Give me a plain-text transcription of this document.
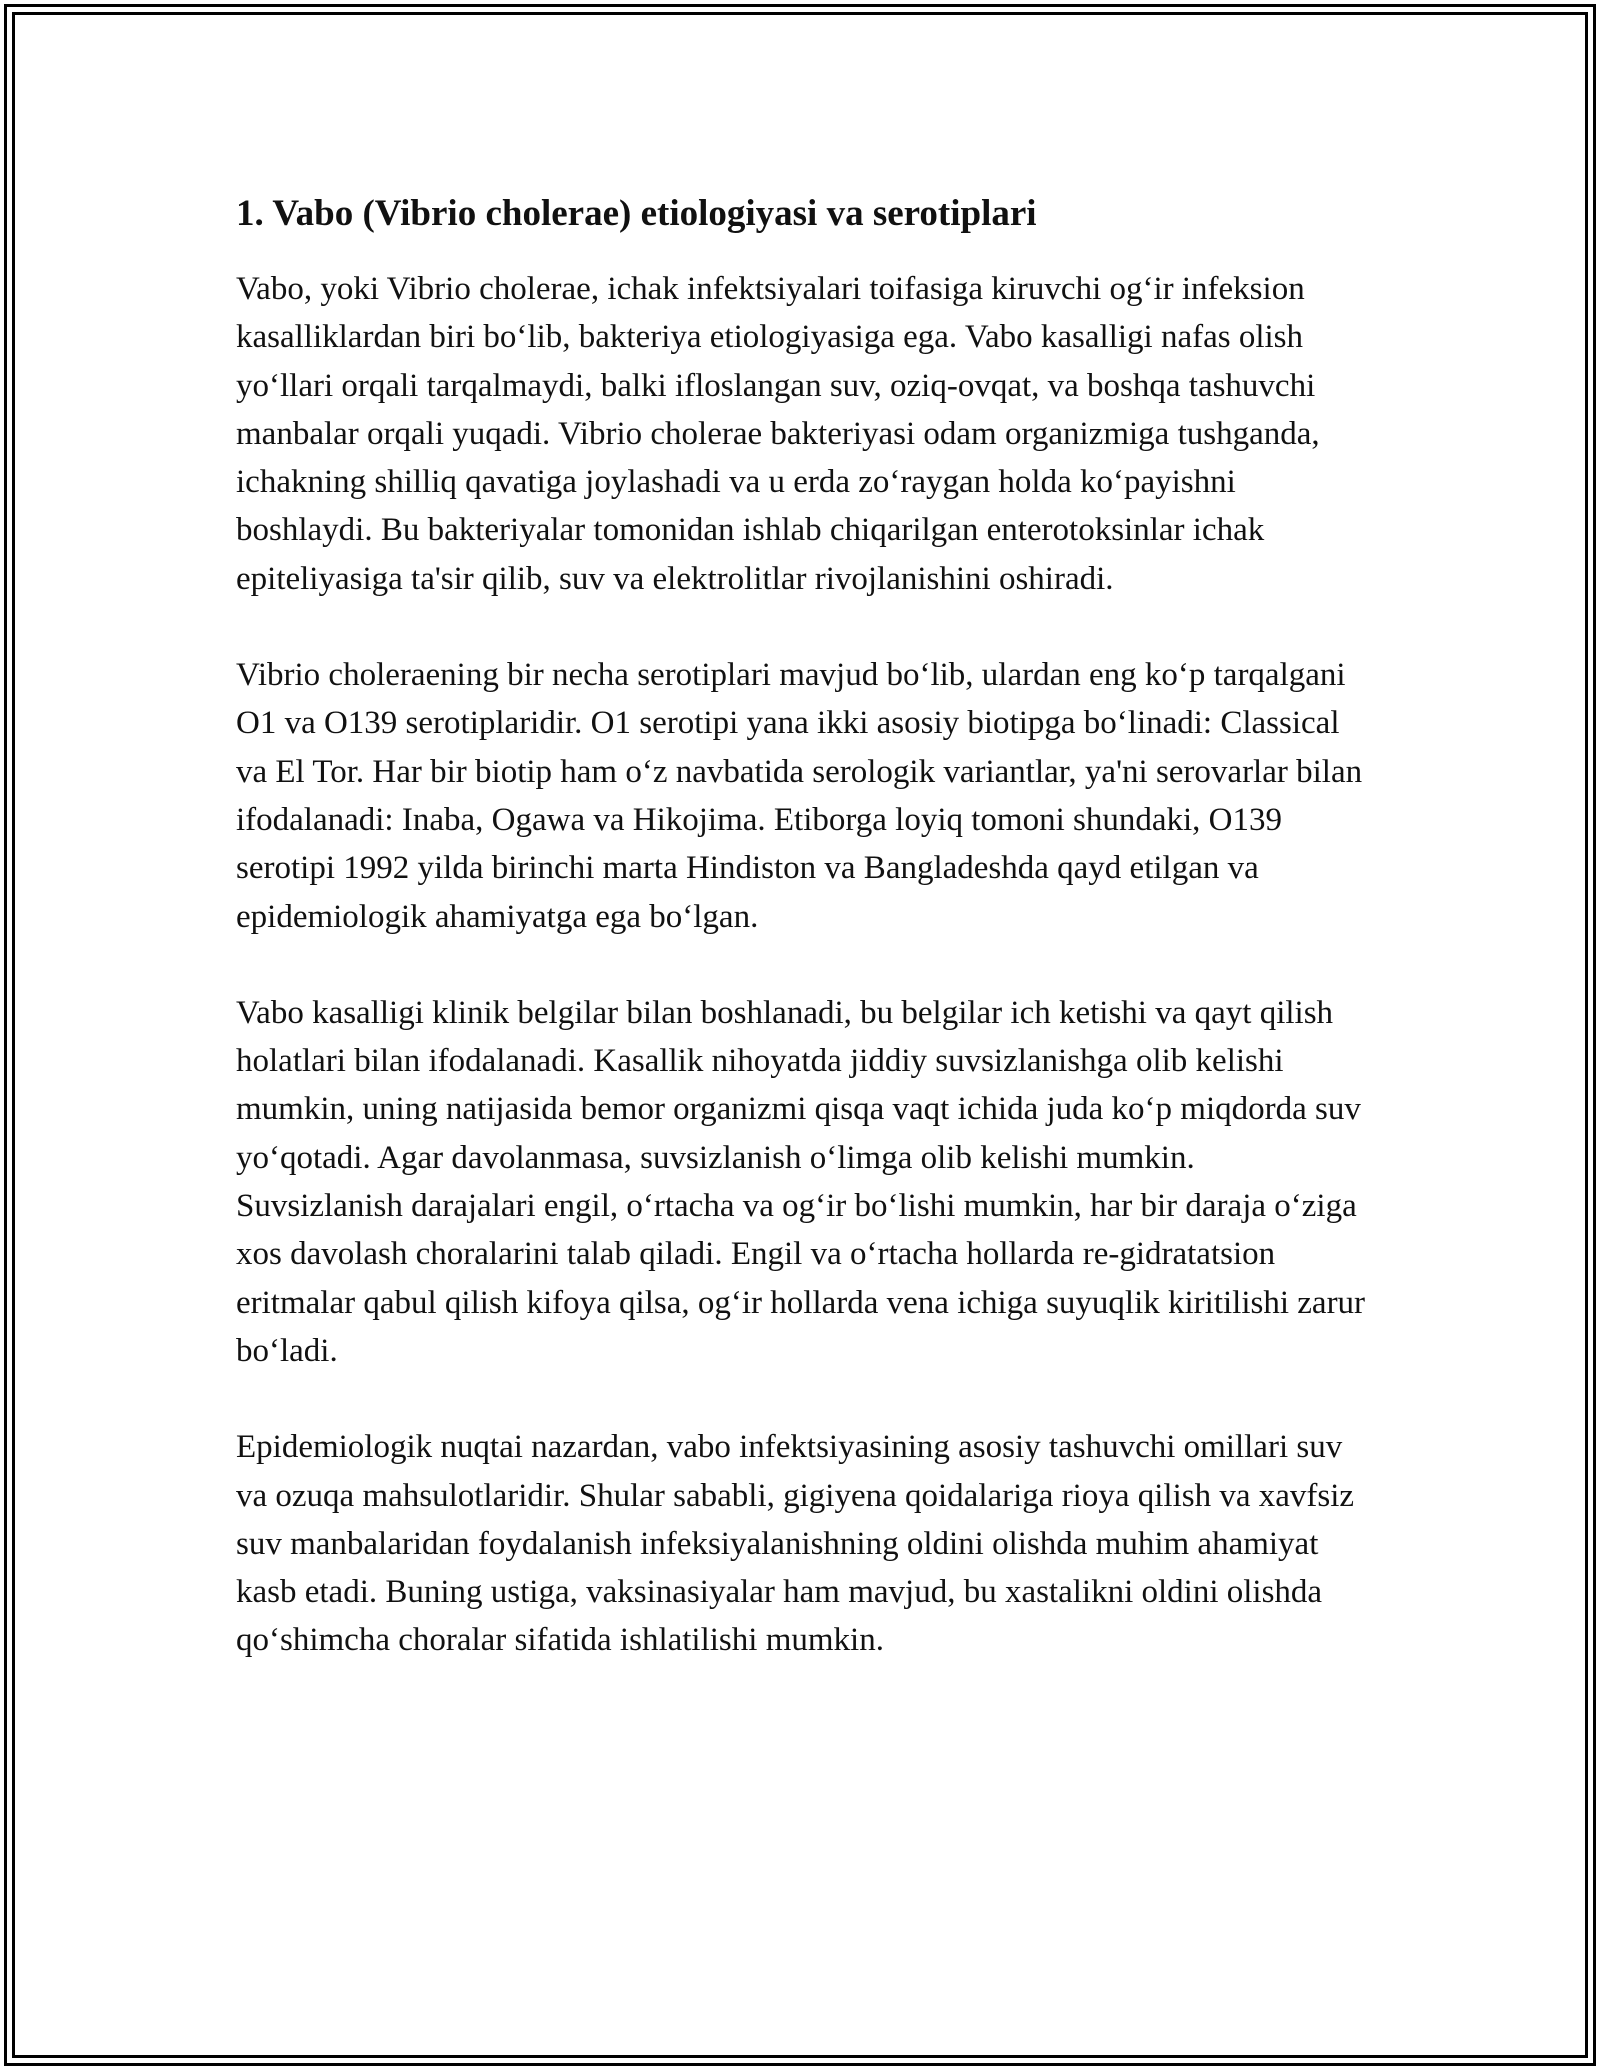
1. Vabo (Vibrio cholerae) etiologiyasi va serotiplari

Vabo, yoki Vibrio cholerae, ichak infektsiyalari toifasiga kiruvchi og‘ir infeksion kasalliklardan biri bo‘lib, bakteriya etiologiyasiga ega. Vabo kasalligi nafas olish yo‘llari orqali tarqalmaydi, balki ifloslangan suv, oziq-ovqat, va boshqa tashuvchi manbalar orqali yuqadi. Vibrio cholerae bakteriyasi odam organizmiga tushganda, ichakning shilliq qavatiga joylashadi va u erda zo‘raygan holda ko‘payishni boshlaydi. Bu bakteriyalar tomonidan ishlab chiqarilgan enterotoksinlar ichak epiteliyasiga ta'sir qilib, suv va elektrolitlar rivojlanishini oshiradi.

Vibrio choleraening bir necha serotiplari mavjud bo‘lib, ulardan eng ko‘p tarqalgani O1 va O139 serotiplaridir. O1 serotipi yana ikki asosiy biotipga bo‘linadi: Classical va El Tor. Har bir biotip ham o‘z navbatida serologik variantlar, ya'ni serovarlar bilan ifodalanadi: Inaba, Ogawa va Hikojima. Etiborga loyiq tomoni shundaki, O139 serotipi 1992 yilda birinchi marta Hindiston va Bangladeshda qayd etilgan va epidemiologik ahamiyatga ega bo‘lgan.

Vabo kasalligi klinik belgilar bilan boshlanadi, bu belgilar ich ketishi va qayt qilish holatlari bilan ifodalanadi. Kasallik nihoyatda jiddiy suvsizlanishga olib kelishi mumkin, uning natijasida bemor organizmi qisqa vaqt ichida juda ko‘p miqdorda suv yo‘qotadi. Agar davolanmasa, suvsizlanish o‘limga olib kelishi mumkin. Suvsizlanish darajalari engil, o‘rtacha va og‘ir bo‘lishi mumkin, har bir daraja o‘ziga xos davolash choralarini talab qiladi. Engil va o‘rtacha hollarda re-gidratatsion eritmalar qabul qilish kifoya qilsa, og‘ir hollarda vena ichiga suyuqlik kiritilishi zarur bo‘ladi.

Epidemiologik nuqtai nazardan, vabo infektsiyasining asosiy tashuvchi omillari suv va ozuqa mahsulotlaridir. Shular sababli, gigiyena qoidalariga rioya qilish va xavfsiz suv manbalaridan foydalanish infeksiyalanishning oldini olishda muhim ahamiyat kasb etadi. Buning ustiga, vaksinasiyalar ham mavjud, bu xastalikni oldini olishda qo‘shimcha choralar sifatida ishlatilishi mumkin.
